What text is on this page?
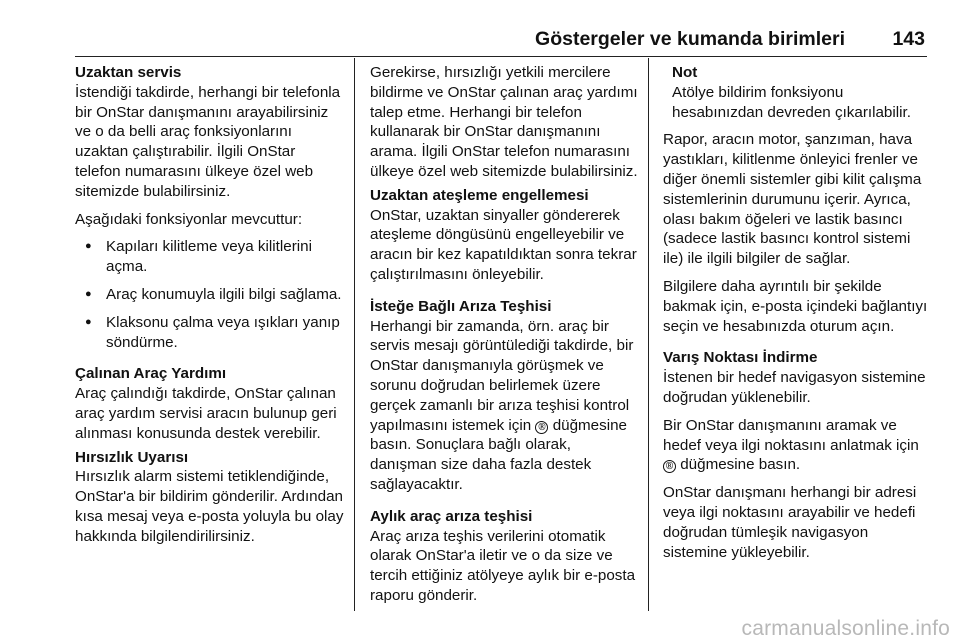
Göstergeler ve kumanda birimleri 143

Uzaktan servis

İstendiği takdirde, herhangi bir telefonla bir OnStar danışmanını arayabilirsiniz ve o da belli araç fonksiyonlarını uzaktan çalıştırabilir. İlgili OnStar telefon numarasını ülkeye özel web sitemizde bulabilirsiniz.

Aşağıdaki fonksiyonlar mevcuttur:

● Kapıları kilitleme veya kilitlerini açma.
● Araç konumuyla ilgili bilgi sağlama.
● Klaksonu çalma veya ışıkları yanıp söndürme.

Çalınan Araç Yardımı

Araç çalındığı takdirde, OnStar çalınan araç yardım servisi aracın bulunup geri alınması konusunda destek verebilir.

Hırsızlık Uyarısı

Hırsızlık alarm sistemi tetiklendiğinde, OnStar'a bir bildirim gönderilir. Ardından kısa mesaj veya e-posta yoluyla bu olay hakkında bilgilendirilirsiniz.

Gerekirse, hırsızlığı yetkili mercilere bildirme ve OnStar çalınan araç yardımı talep etme. Herhangi bir telefon kullanarak bir OnStar danışmanını arama. İlgili OnStar telefon numarasını ülkeye özel web sitemizde bulabilirsiniz.

Uzaktan ateşleme engellemesi

OnStar, uzaktan sinyaller göndererek ateşleme döngüsünü engelleyebilir ve aracın bir kez kapatıldıktan sonra tekrar çalıştırılmasını önleyebilir.

İsteğe Bağlı Arıza Teşhisi

Herhangi bir zamanda, örn. araç bir servis mesajı görüntülediği takdirde, bir OnStar danışmanıyla görüşmek ve sorunu doğrudan belirlemek üzere gerçek zamanlı bir arıza teşhisi kontrol yapılmasını istemek için Ⓡ düğmesine basın. Sonuçlara bağlı olarak, danışman size daha fazla destek sağlayacaktır.

Aylık araç arıza teşhisi

Araç arıza teşhis verilerini otomatik olarak OnStar'a iletir ve o da size ve tercih ettiğiniz atölyeye aylık bir e-posta raporu gönderir.

Not

Atölye bildirim fonksiyonu hesabınızdan devreden çıkarılabilir.

Rapor, aracın motor, şanzıman, hava yastıkları, kilitlenme önleyici frenler ve diğer önemli sistemler gibi kilit çalışma sistemlerinin durumunu içerir. Ayrıca, olası bakım öğeleri ve lastik basıncı (sadece lastik basıncı kontrol sistemi ile) ile ilgili bilgiler de sağlar.

Bilgilere daha ayrıntılı bir şekilde bakmak için, e-posta içindeki bağlantıyı seçin ve hesabınızda oturum açın.

Varış Noktası İndirme

İstenen bir hedef navigasyon sistemine doğrudan yüklenebilir.

Bir OnStar danışmanını aramak ve hedef veya ilgi noktasını anlatmak için Ⓡ düğmesine basın.

OnStar danışmanı herhangi bir adresi veya ilgi noktasını arayabilir ve hedefi doğrudan tümleşik navigasyon sistemine yükleyebilir.

carmanualsonline.info
